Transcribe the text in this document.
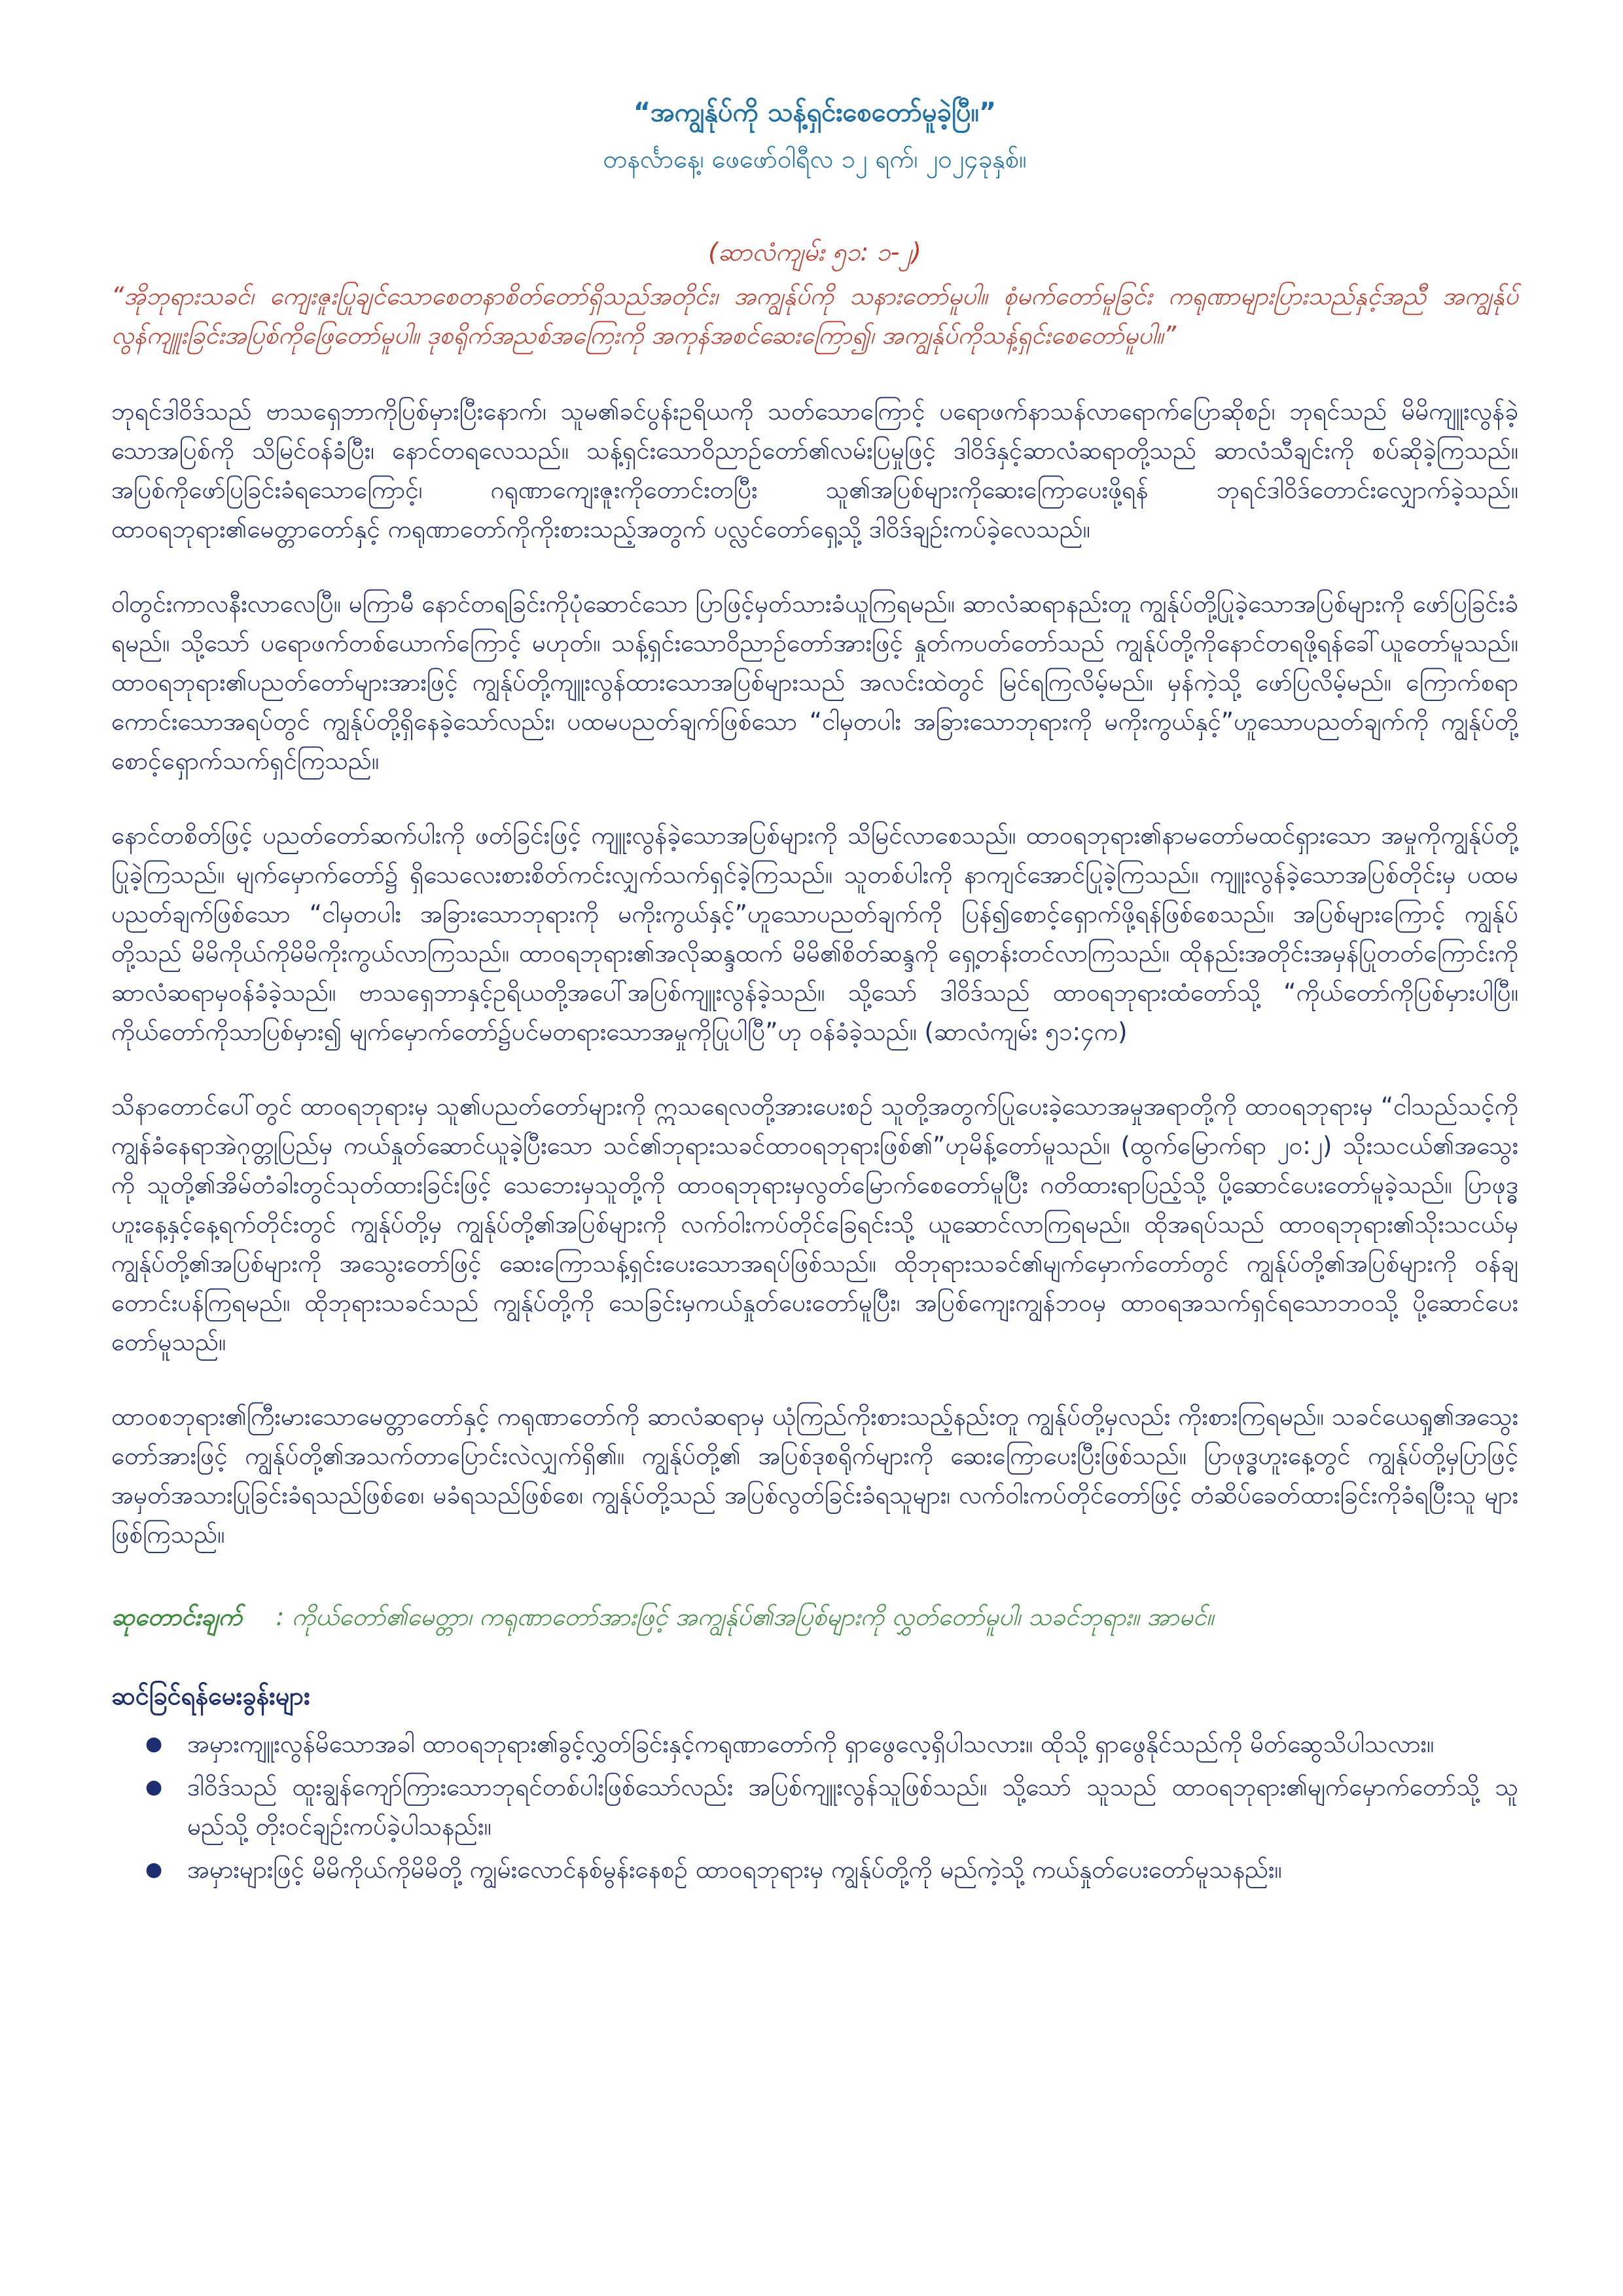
“အကျွန်ုပ်ကို သန့်ရှင်းစေတော်မူခဲ့ပြီ။”
တနင်္လာနေ့၊ ဖေဖော်ဝါရီလ ၁၂ ရက်၊ ၂၀၂၄ခုနှစ်။
(ဆာလံကျမ်း ၅၁: ၁-၂)
“အိုဘုရားသခင်၊ ကျေးဇူးပြုချင်သောစေတနာစိတ်တော်ရှိသည်အတိုင်း၊ အကျွန်ုပ်ကို သနားတော်မူပါ။ စုံမက်တော်မူခြင်း ကရုဏာများပြားသည်နှင့်အညီ အကျွန်ုပ်လွန်ကျူးခြင်းအပြစ်ကိုဖြေတော်မူပါ။ ဒုစရိုက်အညစ်အကြေးကို အကုန်အစင်ဆေးကြော၍၊ အကျွန်ုပ်ကိုသန့်ရှင်းစေတော်မူပါ။”

ဘုရင်ဒါဝိဒ်သည် ဗာသရှေဘာကိုပြစ်မှားပြီးနောက်၊ သူမ၏ခင်ပွန်းဥရိယကို သတ်သောကြောင့် ပရောဖက်နာသန်လာရောက်ပြောဆိုစဉ်၊ ဘုရင်သည် မိမိကျူးလွန်ခဲ့သောအပြစ်ကို သိမြင်ဝန်ခံပြီး၊ နောင်တရလေသည်။ သန့်ရှင်းသောဝိညာဉ်တော်၏လမ်းပြမှုဖြင့် ဒါဝိဒ်နှင့်ဆာလံဆရာတို့သည် ဆာလံသီချင်းကို စပ်ဆိုခဲ့ကြသည်။ အပြစ်ကိုဖော်ပြခြင်းခံရသောကြောင့်၊ ဂရုဏာကျေးဇူးကိုတောင်းတပြီး သူ၏အပြစ်များကိုဆေးကြောပေးဖို့ရန် ဘုရင်ဒါဝိဒ်တောင်းလျှောက်ခဲ့သည်။ ထာဝရဘုရား၏မေတ္တာတော်နှင့် ကရုဏာတော်ကိုကိုးစားသည့်အတွက် ပလ္လင်တော်ရှေ့သို့ ဒါဝိဒ်ချဉ်းကပ်ခဲ့လေသည်။

ဝါတွင်းကာလနီးလာလေပြီ။ မကြာမီ နောင်တရခြင်းကိုပုံဆောင်သော ပြာဖြင့်မှတ်သားခံယူကြရမည်။ ဆာလံဆရာနည်းတူ ကျွန်ုပ်တို့ပြုခဲ့သောအပြစ်များကို ဖော်ပြခြင်းခံရမည်။ သို့သော် ပရောဖက်တစ်ယောက်ကြောင့် မဟုတ်။ သန့်ရှင်းသောဝိညာဉ်တော်အားဖြင့် နှုတ်ကပတ်တော်သည် ကျွန်ုပ်တို့ကိုနောင်တရဖို့ရန်ခေါ်ယူတော်မူသည်။ ထာဝရဘုရား၏ပညတ်တော်များအားဖြင့် ကျွန်ုပ်တို့ကျူးလွန်ထားသောအပြစ်များသည် အလင်းထဲတွင် မြင်ရကြလိမ့်မည်။ မှန်ကဲ့သို့ ဖော်ပြလိမ့်မည်။ ကြောက်စရာကောင်းသောအရပ်တွင် ကျွန်ုပ်တို့ရှိနေခဲ့သော်လည်း၊ ပထမပညတ်ချက်ဖြစ်သော “ငါမှတပါး အခြားသောဘုရားကို မကိုးကွယ်နှင့်”ဟူသောပညတ်ချက်ကို ကျွန်ုပ်တို့စောင့်ရှောက်သက်ရှင်ကြသည်။

နောင်တစိတ်ဖြင့် ပညတ်တော်ဆက်ပါးကို ဖတ်ခြင်းဖြင့် ကျူးလွန်ခဲ့သောအပြစ်များကို သိမြင်လာစေသည်။ ထာဝရဘုရား၏နာမတော်မထင်ရှားသော အမှုကိုကျွန်ုပ်တို့ပြုခဲ့ကြသည်။ မျက်မှောက်တော်၌ ရှိသေလေးစားစိတ်ကင်းလျှက်သက်ရှင်ခဲ့ကြသည်။ သူတစ်ပါးကို နာကျင်အောင်ပြုခဲ့ကြသည်။ ကျူးလွန်ခဲ့သောအပြစ်တိုင်းမှ ပထမပညတ်ချက်ဖြစ်သော “ငါမှတပါး အခြားသောဘုရားကို မကိုးကွယ်နှင့်”ဟူသောပညတ်ချက်ကို ပြန်၍စောင့်ရှောက်ဖို့ရန်ဖြစ်စေသည်။ အပြစ်များကြောင့် ကျွန်ုပ်တို့သည် မိမိကိုယ်ကိုမိမိကိုးကွယ်လာကြသည်။ ထာဝရဘုရား၏အလိုဆန္ဒထက် မိမိ၏စိတ်ဆန္ဒကို ရှေ့တန်းတင်လာကြသည်။ ထိုနည်းအတိုင်းအမှန်ပြုတတ်ကြောင်းကို ဆာလံဆရာမှဝန်ခံခဲ့သည်။ ဗာသရှေဘာနှင့်ဥရိယတို့အပေါ်အပြစ်ကျူးလွန်ခဲ့သည်။ သို့သော် ဒါဝိဒ်သည် ထာဝရဘုရားထံတော်သို့ “ကိုယ်တော်ကိုပြစ်မှားပါပြီ။ ကိုယ်တော်ကိုသာပြစ်မှား၍ မျက်မှောက်တော်၌ပင်မတရားသောအမှုကိုပြုပါပြီ”ဟု ဝန်ခံခဲ့သည်။ (ဆာလံကျမ်း ၅၁:၄က)

သိနာတောင်ပေါ်တွင် ထာဝရဘုရားမှ သူ၏ပညတ်တော်များကို ဣသရေလတို့အားပေးစဉ် သူတို့အတွက်ပြုပေးခဲ့သောအမှုအရာတို့ကို ထာဝရဘုရားမှ “ငါသည်သင့်ကို ကျွန်ခံနေရာအဲဂုတ္တုပြည်မှ ကယ်နှုတ်ဆောင်ယူခဲ့ပြီးသော သင်၏ဘုရားသခင်ထာဝရဘုရားဖြစ်၏”ဟုမိန့်တော်မူသည်။ (ထွက်မြောက်ရာ ၂၀:၂) သိုးသငယ်၏အသွေးကို သူတို့၏အိမ်တံခါးတွင်သုတ်ထားခြင်းဖြင့် သေဘေးမှသူတို့ကို ထာဝရဘုရားမှလွတ်မြောက်စေတော်မူပြီး ဂတိထားရာပြည့်သို့ ပို့ဆောင်ပေးတော်မူခဲ့သည်။ ပြာဖုဒ္ဓဟူးနေ့နှင့်နေ့ရက်တိုင်းတွင် ကျွန်ုပ်တို့မှ ကျွန်ုပ်တို့၏အပြစ်များကို လက်ဝါးကပ်တိုင်ခြေရင်းသို့ ယူဆောင်လာကြရမည်။ ထိုအရပ်သည် ထာဝရဘုရား၏သိုးသငယ်မှ ကျွန်ုပ်တို့၏အပြစ်များကို အသွေးတော်ဖြင့် ဆေးကြောသန့်ရှင်းပေးသောအရပ်ဖြစ်သည်။ ထိုဘုရားသခင်၏မျက်မှောက်တော်တွင် ကျွန်ုပ်တို့၏အပြစ်များကို ဝန်ချတောင်းပန်ကြရမည်။ ထိုဘုရားသခင်သည် ကျွန်ုပ်တို့ကို သေခြင်းမှကယ်နှုတ်ပေးတော်မူပြီး၊ အပြစ်ကျေးကျွန်ဘဝမှ ထာဝရအသက်ရှင်ရသောဘဝသို့ ပို့ဆောင်ပေးတော်မူသည်။

ထာဝစဘုရား၏ကြီးမားသောမေတ္တာတော်နှင့် ကရုဏာတော်ကို ဆာလံဆရာမှ ယုံကြည်ကိုးစားသည့်နည်းတူ ကျွန်ုပ်တို့မှလည်း ကိုးစားကြရမည်။ သခင်ယေရှု၏အသွေးတော်အားဖြင့် ကျွန်ုပ်တို့၏အသက်တာပြောင်းလဲလျှက်ရှိ၏။ ကျွန်ုပ်တို့၏ အပြစ်ဒုစရိုက်များကို ဆေးကြောပေးပြီးဖြစ်သည်။ ပြာဖုဒ္ဓဟူးနေ့တွင် ကျွန်ုပ်တို့မှပြာဖြင့် အမှတ်အသားပြုခြင်းခံရသည်ဖြစ်စေ၊ မခံရသည်ဖြစ်စေ၊ ကျွန်ုပ်တို့သည် အပြစ်လွတ်ခြင်းခံရသူများ၊ လက်ဝါးကပ်တိုင်တော်ဖြင့် တံဆိပ်ခေတ်ထားခြင်းကိုခံရပြီးသူ များဖြစ်ကြသည်။

ဆုတောင်းချက် : ကိုယ်တော်၏မေတ္တာ၊ ကရုဏာတော်အားဖြင့် အကျွန်ုပ်၏အပြစ်များကို လွှတ်တော်မူပါ၊ သခင်ဘုရား။ အာမင်။
ဆင်ခြင်ရန်မေးခွန်းများ
● အမှားကျူးလွန်မိသောအခါ ထာဝရဘုရား၏ခွင့်လွှတ်ခြင်းနှင့်ကရုဏာတော်ကို ရှာဖွေလေ့ရှိပါသလား။ ထိုသို့ ရှာဖွေနိုင်သည်ကို မိတ်ဆွေသိပါသလား။
● ဒါဝိဒ်သည် ထူးချွန်ကျော်ကြားသောဘုရင်တစ်ပါးဖြစ်သော်လည်း အပြစ်ကျူးလွန်သူဖြစ်သည်။ သို့သော် သူသည် ထာဝရဘုရား၏မျက်မှောက်တော်သို့ သူမည်သို့ တိုးဝင်ချဉ်းကပ်ခဲ့ပါသနည်း။
● အမှားများဖြင့် မိမိကိုယ်ကိုမိမိတို့ ကျွမ်းလောင်နစ်မွန်းနေစဉ် ထာဝရဘုရားမှ ကျွန်ုပ်တို့ကို မည်ကဲ့သို့ ကယ်နှုတ်ပေးတော်မူသနည်း။
